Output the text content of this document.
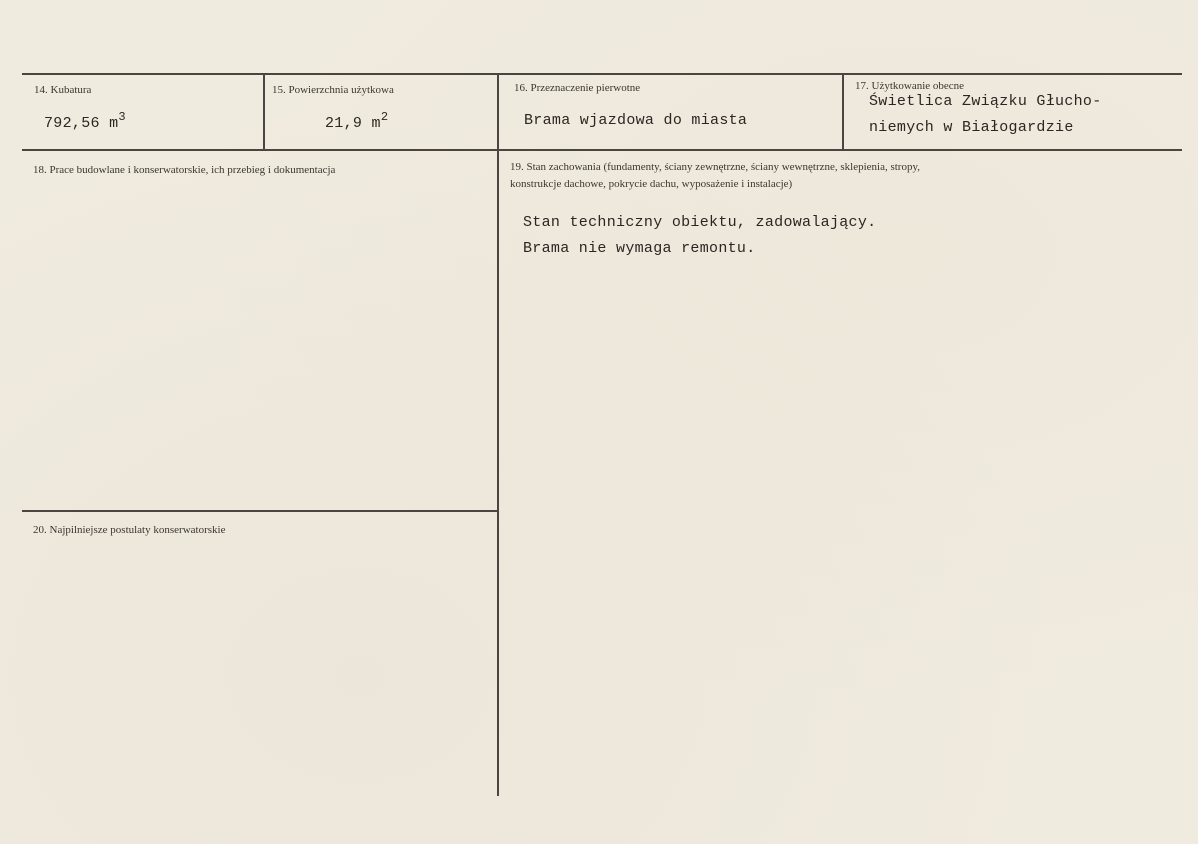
14. Kubatura
792,56 $m^3$
15. Powierzchnia użytkowa
21,9 $m^2$
16. Przeznaczenie pierwotne
Brama wjazdowa do miasta
17. Użytkowanie obecne
Świetlica Związku Głucho-
niemych w Białogardzie
18. Prace budowlane i konserwatorskie, ich przebieg i dokumentacja	19. Stan zachowania (fundamenty, ściany zewnętrzne, ściany wewnętrzne, sklepienia, stropy,
konstrukcje dachowe, pokrycie dachu, wyposażenie i instalacje)
Stan techniczny obiektu, zadowalający.
Brama nie wymaga remontu.
20. Najpilniejsze postulaty konserwatorskie
